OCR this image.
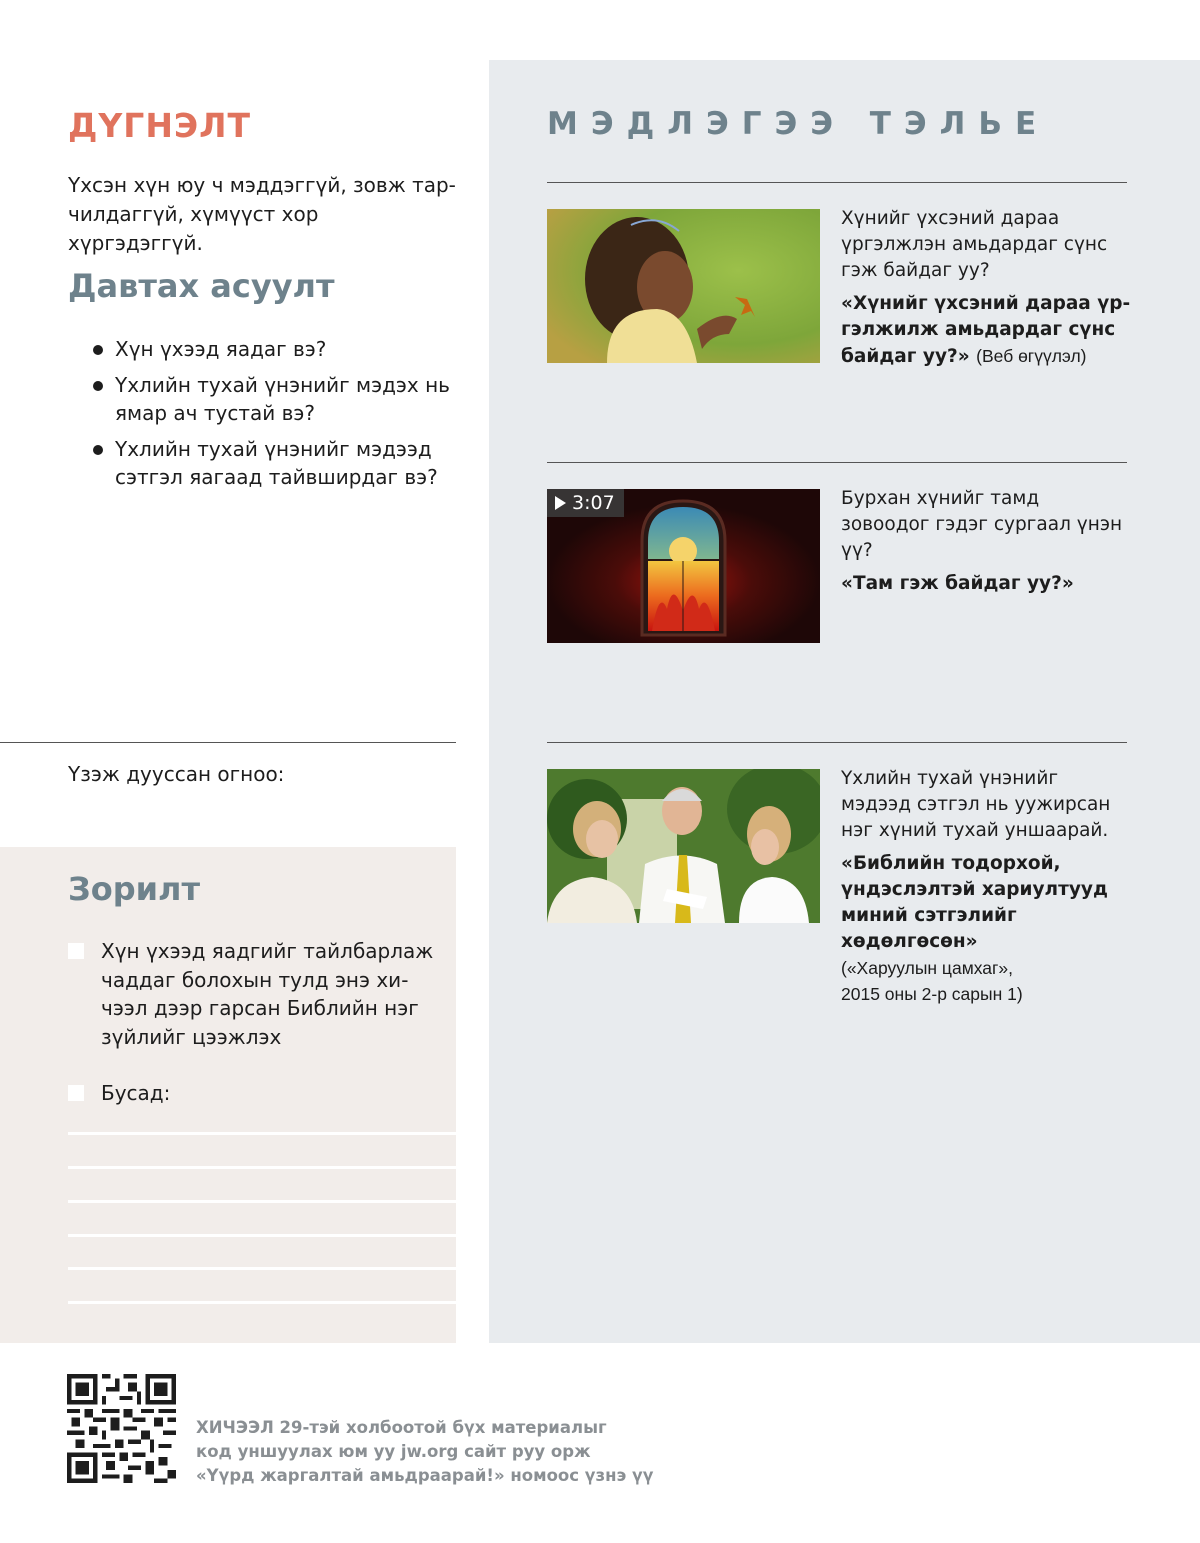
ДҮГНЭЛТ

Үхсэн хүн юу ч мэддэггүй, зовж тарчилдаггүй, хүмүүст хор хүргэдэггүй.

Давтах асуулт
Хүн үхээд яадаг вэ?
Үхлийн тухай үнэнийг мэдэх нь ямар ач тустай вэ?
Үхлийн тухай үнэнийг мэдээд сэтгэл яагаад тайвширдаг вэ?
Үзэж дууссан огноо:
Зорилт
Хүн үхээд яадгийг тайлбарлаж чаддаг болохын тулд энэ хичээл дээр гарсан Библийн нэг зүйлийг цээжлэх
Бусад:
МЭДЛЭГЭЭ ТЭЛЬЕ
Хүнийг үхсэний дараа үргэлжлэн амьдардаг сүнс гэж байдаг уу?
«Хүнийг үхсэний дараа үргэлжилж амьдардаг сүнс байдаг уу?» (Веб өгүүлэл)
3:07	Бурхан хүнийг тамд зовоодог гэдэг сургаал үнэн үү?
«Там гэж байдаг уу?»
Үхлийн тухай үнэнийг мэдээд сэтгэл нь уужирсан нэг хүний тухай уншаарай.
«Библийн тодорхой, үндэслэлтэй хариултууд миний сэтгэлийг хөдөлгөсөн»
(«Харуулын цамхаг», 2015 оны 2-р сарын 1)
ХИЧЭЭЛ 29-тэй холбоотой бүх материалыг
код уншуулах юм уу jw.org сайт руу орж
«Үүрд жаргалтай амьдраарай!» номоос үзнэ үү
